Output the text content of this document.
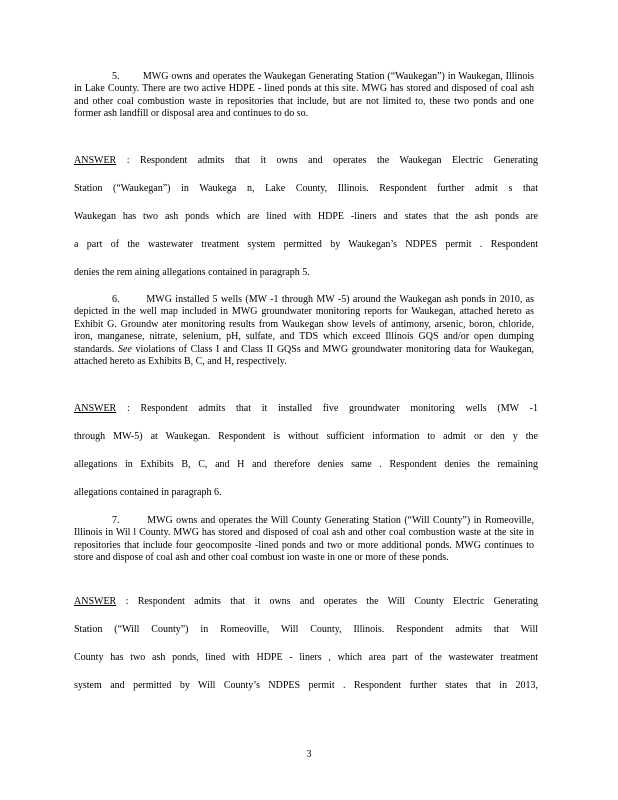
5. MWG owns and operates the Waukegan Generating Station (“Waukegan”) in Waukegan, Illinois in Lake County. There are two active HDPE - lined ponds at this site. MWG has stored and disposed of coal ash and other coal combustion waste in repositories that include, but are not limited to, these two ponds and one former ash landfill or disposal area and continues to do so.
ANSWER : Respondent admits that it owns and operates the Waukegan Electric Generating
Station (“Waukegan”) in Waukega n, Lake County, Illinois. Respondent further admit s that
Waukegan has two ash ponds which are lined with HDPE -liners and states that the ash ponds are
a part of the wastewater treatment system permitted by Waukegan’s NDPES permit . Respondent
denies the rem aining allegations contained in paragraph 5.
6.	MWG installed 5 wells (MW -1 through MW -5) around the Waukegan ash ponds in 2010, as depicted in the well map included in MWG groundwater monitoring reports for Waukegan, attached hereto as Exhibit G. Groundw ater monitoring results from Waukegan show levels of antimony, arsenic, boron, chloride, iron, manganese, nitrate, selenium, pH, sulfate, and TDS which exceed Illinois GQS and/or open dumping standards. See violations of Class I and Class II GQSs and MWG groundwater monitoring data for Waukegan, attached hereto as Exhibits B, C, and H, respectively.
ANSWER : Respondent admits that it installed five groundwater monitoring wells (MW -1
through MW-5) at Waukegan. Respondent is without sufficient information to admit or den y the
allegations in Exhibits B, C, and H and therefore denies same . Respondent denies the remaining
allegations contained in paragraph 6.
7.	MWG owns and operates the Will County Generating Station (“Will County”) in Romeoville, Illinois in Wil l County. MWG has stored and disposed of coal ash and other coal combustion waste at the site in repositories that include four geocomposite -lined ponds and two or more additional ponds. MWG continues to store and dispose of coal ash and other coal combust ion waste in one or more of these ponds.
ANSWER : Respondent admits that it owns and operates the Will County Electric Generating
Station (“Will County”) in Romeoville, Will County, Illinois. Respondent admits that Will
County has two ash ponds, lined with HDPE - liners , which area part of the wastewater treatment
system and permitted by Will County’s NDPES permit . Respondent further states that in 2013,
3
